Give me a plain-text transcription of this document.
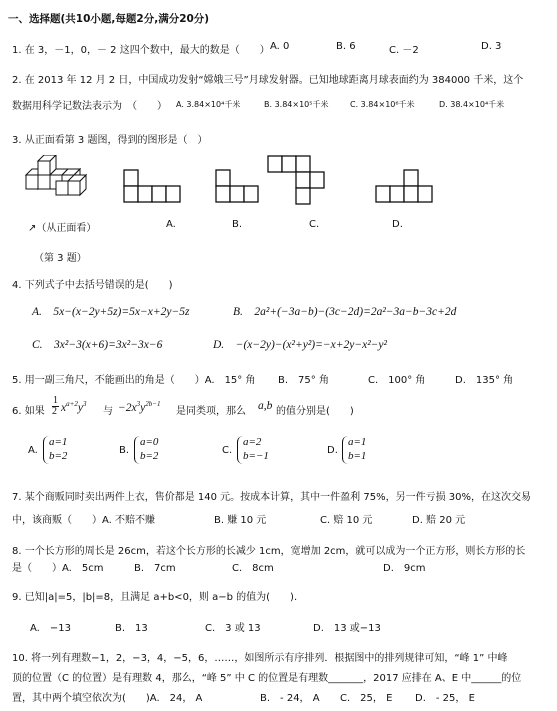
一、选择题(共10小题,每题2分,满分20分)
1. 在 3，－1，0，－ 2 这四个数中，最大的数是（　　） A. 0	B. 6	C. －2	D. 3
2. 在 2013 年 12 月 2 日，中国成功发射“嫦娥三号”月球发射器。已知地球距离月球表面约为 384000 千米，这个
数据用科学记数法表示为　（　　） A. 3.84×10⁴千米	B. 3.84×10⁵千米	C. 3.84×10⁶千米	D. 38.4×10⁴千米
3. 从正面看第 3 题图，得到的图形是（　）
↗（从正面看）	A.	B.	C.	D.
（第 3 题）
4. 下列式子中去括号错误的是(　　)
A.　5x−(x−2y+5z)=5x−x+2y−5z	B.　2a²+(−3a−b)−(3c−2d)=2a²−3a−b−3c+2d
C.　3x²−3(x+6)=3x²−3x−6	D.　−(x−2y)−(x²+y²)=−x+2y−x²−y²
5. 用一副三角尺，不能画出的角是（　　）A.　15° 角 B.　75° 角	C.　100° 角	D.　135° 角
6. 如果
1
2 $x^{a+2}y^3$
与 $-2x^3y^{2b-1}$
是同类项，那么 a,b 的值分别是(　　)
A.
a=1
b=2	B.
a=0
b=2	C.
a=2
b=−1	D.
a=1
b=1
7. 某个商贩同时卖出两件上衣，售价都是 140 元。按成本计算，其中一件盈利 75%，另一件亏损 30%，在这次交易
中，该商贩（　　）A. 不赔不赚	B. 赚 10 元	C. 赔 10 元	D. 赔 20 元
8. 一个长方形的周长是 26cm，若这个长方形的长减少 1cm，宽增加 2cm，就可以成为一个正方形，则长方形的长
是（　　）A.　5cm	B.　7cm	C.　8cm	D.　9cm
9. 已知|a|=5，|b|=8，且满足 a+b<0，则 a−b 的值为(　　).
A.　−13	B.　13	C.　3 或 13	D.　13 或−13
10. 将一列有理数−1，2，−3，4，−5，6，……，如图所示有序排列．根据图中的排列规律可知，“峰 1” 中峰
顶的位置（C 的位置）是有理数 4，那么，“峰 5” 中 C 的位置是有理数_______，2017 应排在 A、E 中______的位
置，其中两个填空依次为(　　)A.　24， A	B.　- 24， A C.　25， E D.　- 25， E
